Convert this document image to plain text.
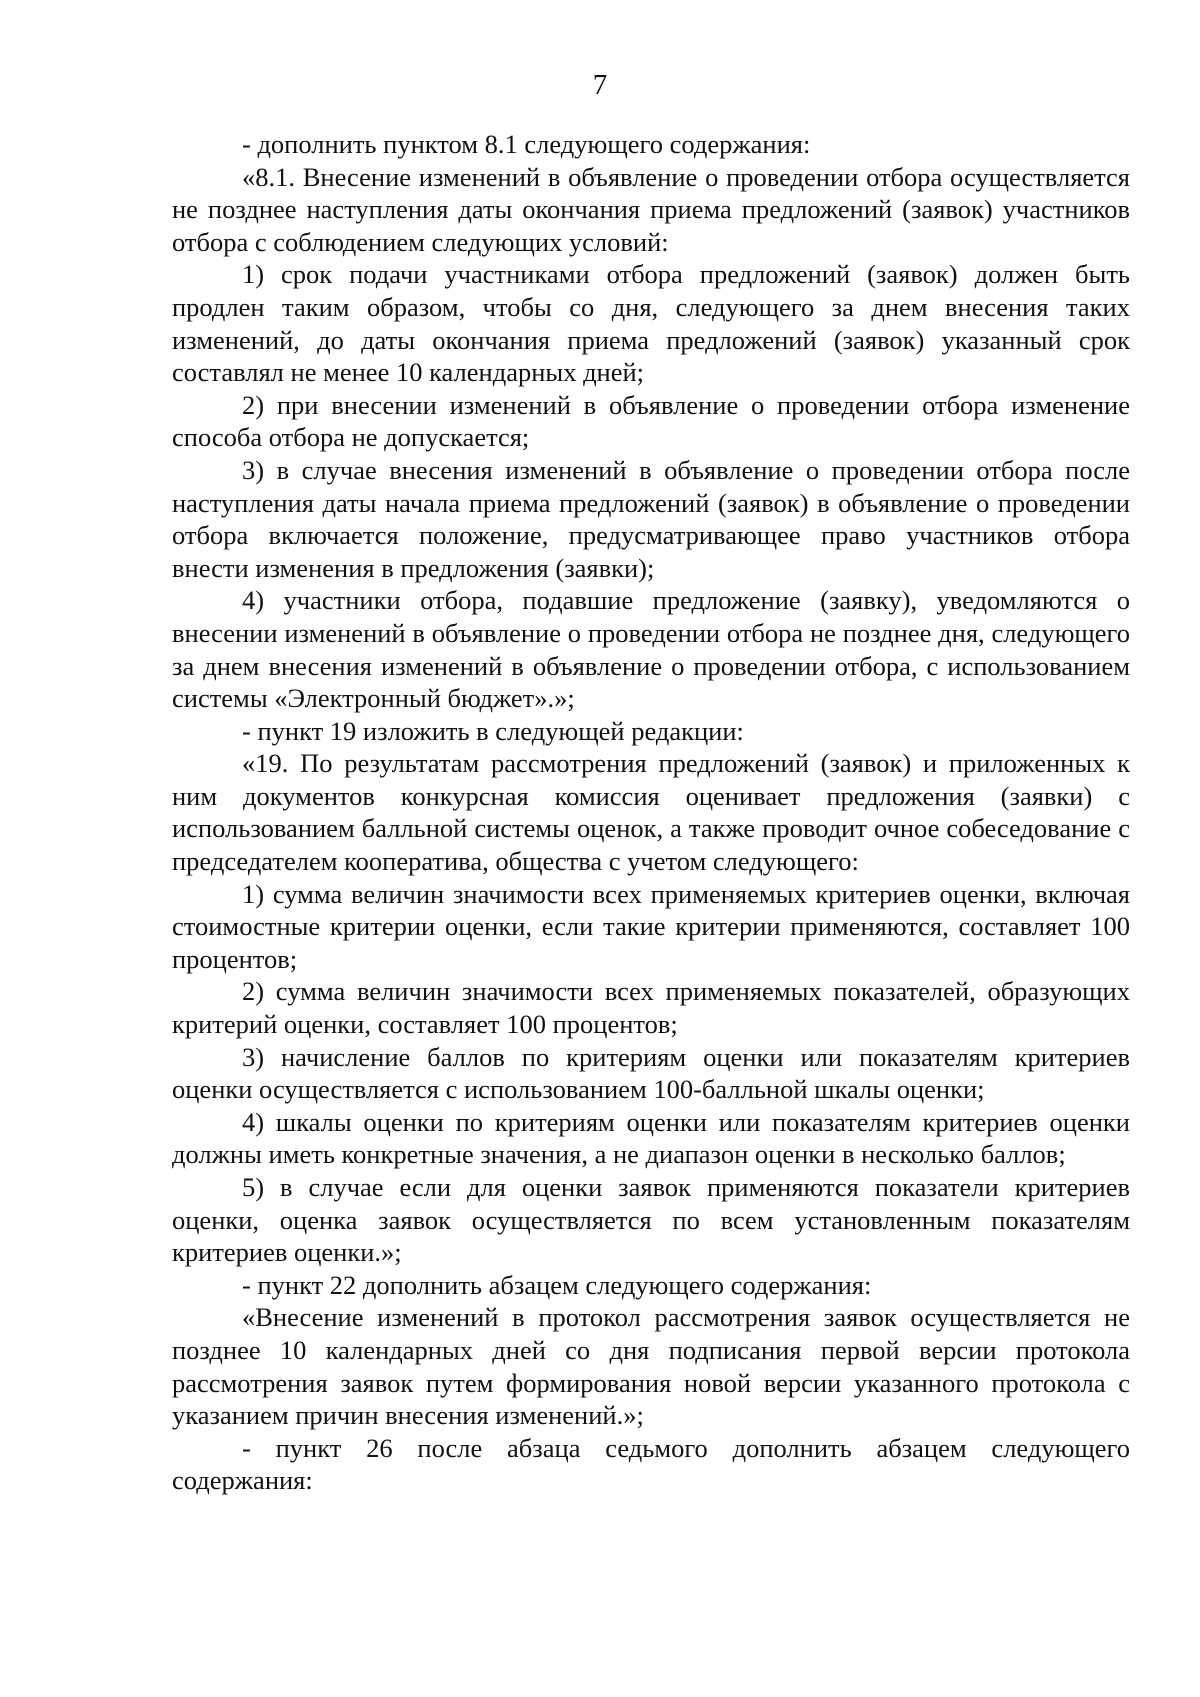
7

- дополнить пунктом 8.1 следующего содержания:

«8.1. Внесение изменений в объявление о проведении отбора осуществляется не позднее наступления даты окончания приема предложений (заявок) участников отбора с соблюдением следующих условий:

1) срок подачи участниками отбора предложений (заявок) должен быть продлен таким образом, чтобы со дня, следующего за днем внесения таких изменений, до даты окончания приема предложений (заявок) указанный срок составлял не менее 10 календарных дней;

2) при внесении изменений в объявление о проведении отбора изменение способа отбора не допускается;

3) в случае внесения изменений в объявление о проведении отбора после наступления даты начала приема предложений (заявок) в объявление о проведении отбора включается положение, предусматривающее право участников отбора внести изменения в предложения (заявки);

4) участники отбора, подавшие предложение (заявку), уведомляются о внесении изменений в объявление о проведении отбора не позднее дня, следующего за днем внесения изменений в объявление о проведении отбора, с использованием системы «Электронный бюджет».»;

- пункт 19 изложить в следующей редакции:

«19. По результатам рассмотрения предложений (заявок) и приложенных к ним документов конкурсная комиссия оценивает предложения (заявки) с использованием балльной системы оценок, а также проводит очное собеседование с председателем кооператива, общества с учетом следующего:

1) сумма величин значимости всех применяемых критериев оценки, включая стоимостные критерии оценки, если такие критерии применяются, составляет 100 процентов;

2) сумма величин значимости всех применяемых показателей, образующих критерий оценки, составляет 100 процентов;

3) начисление баллов по критериям оценки или показателям критериев оценки осуществляется с использованием 100-балльной шкалы оценки;

4) шкалы оценки по критериям оценки или показателям критериев оценки должны иметь конкретные значения, а не диапазон оценки в несколько баллов;

5) в случае если для оценки заявок применяются показатели критериев оценки, оценка заявок осуществляется по всем установленным показателям критериев оценки.»;

- пункт 22 дополнить абзацем следующего содержания:

«Внесение изменений в протокол рассмотрения заявок осуществляется не позднее 10 календарных дней со дня подписания первой версии протокола рассмотрения заявок путем формирования новой версии указанного протокола с указанием причин внесения изменений.»;

- пункт 26 после абзаца седьмого дополнить абзацем следующего содержания:
